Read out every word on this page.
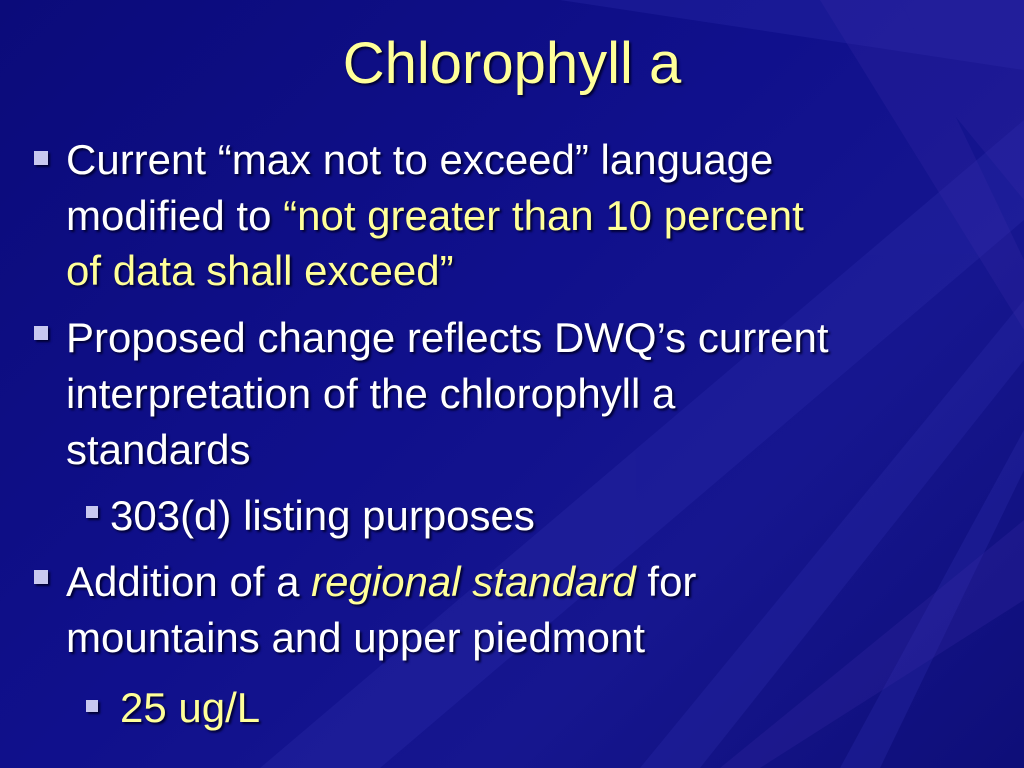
Chlorophyll a
Current “max not to exceed” language
modified to “not greater than 10 percent
of data shall exceed”
Proposed change reflects DWQ’s current
interpretation of the chlorophyll a
standards
303(d) listing purposes
Addition of a regional standard for
mountains and upper piedmont
25 ug/L
